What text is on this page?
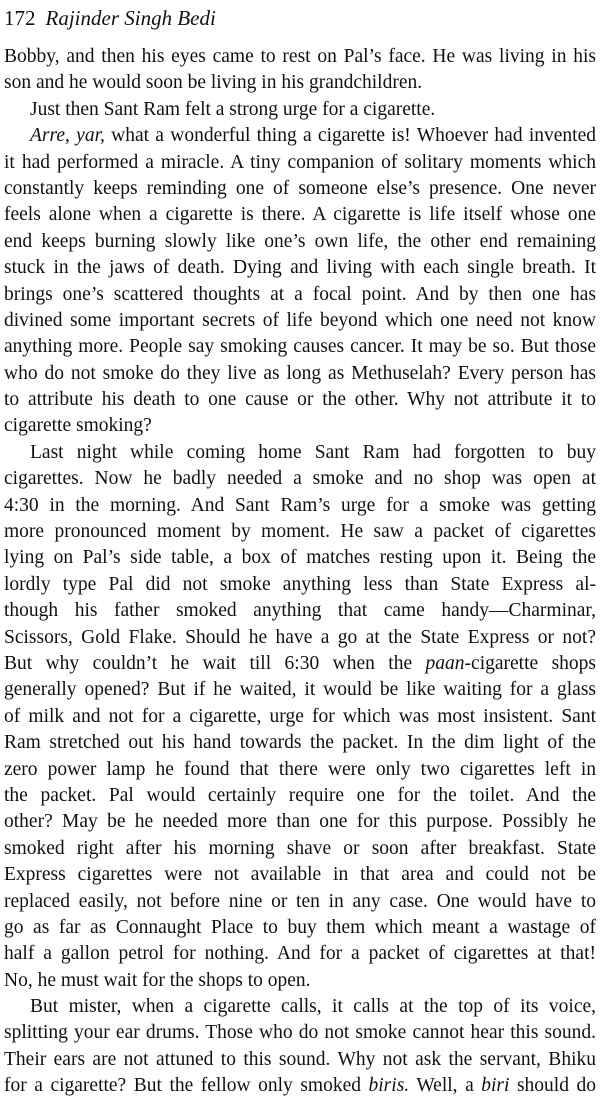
172 Rajinder Singh Bedi
Bobby, and then his eyes came to rest on Pal’s face. He was living in his
son and he would soon be living in his grandchildren.
Just then Sant Ram felt a strong urge for a cigarette.
Arre, yar, what a wonderful thing a cigarette is! Whoever had invented
it had performed a miracle. A tiny companion of solitary moments which
constantly keeps reminding one of someone else’s presence. One never
feels alone when a cigarette is there. A cigarette is life itself whose one
end keeps burning slowly like one’s own life, the other end remaining
stuck in the jaws of death. Dying and living with each single breath. It
brings one’s scattered thoughts at a focal point. And by then one has
divined some important secrets of life beyond which one need not know
anything more. People say smoking causes cancer. It may be so. But those
who do not smoke do they live as long as Methuselah? Every person has
to attribute his death to one cause or the other. Why not attribute it to
cigarette smoking?
Last night while coming home Sant Ram had forgotten to buy
cigarettes. Now he badly needed a smoke and no shop was open at
4:30 in the morning. And Sant Ram’s urge for a smoke was getting
more pronounced moment by moment. He saw a packet of cigarettes
lying on Pal’s side table, a box of matches resting upon it. Being the
lordly type Pal did not smoke anything less than State Express al-
though his father smoked anything that came handy—Charminar,
Scissors, Gold Flake. Should he have a go at the State Express or not?
But why couldn’t he wait till 6:30 when the paan-cigarette shops
generally opened? But if he waited, it would be like waiting for a glass
of milk and not for a cigarette, urge for which was most insistent. Sant
Ram stretched out his hand towards the packet. In the dim light of the
zero power lamp he found that there were only two cigarettes left in
the packet. Pal would certainly require one for the toilet. And the
other? May be he needed more than one for this purpose. Possibly he
smoked right after his morning shave or soon after breakfast. State
Express cigarettes were not available in that area and could not be
replaced easily, not before nine or ten in any case. One would have to
go as far as Connaught Place to buy them which meant a wastage of
half a gallon petrol for nothing. And for a packet of cigarettes at that!
No, he must wait for the shops to open.
But mister, when a cigarette calls, it calls at the top of its voice,
splitting your ear drums. Those who do not smoke cannot hear this sound.
Their ears are not attuned to this sound. Why not ask the servant, Bhiku
for a cigarette? But the fellow only smoked biris. Well, a biri should do
